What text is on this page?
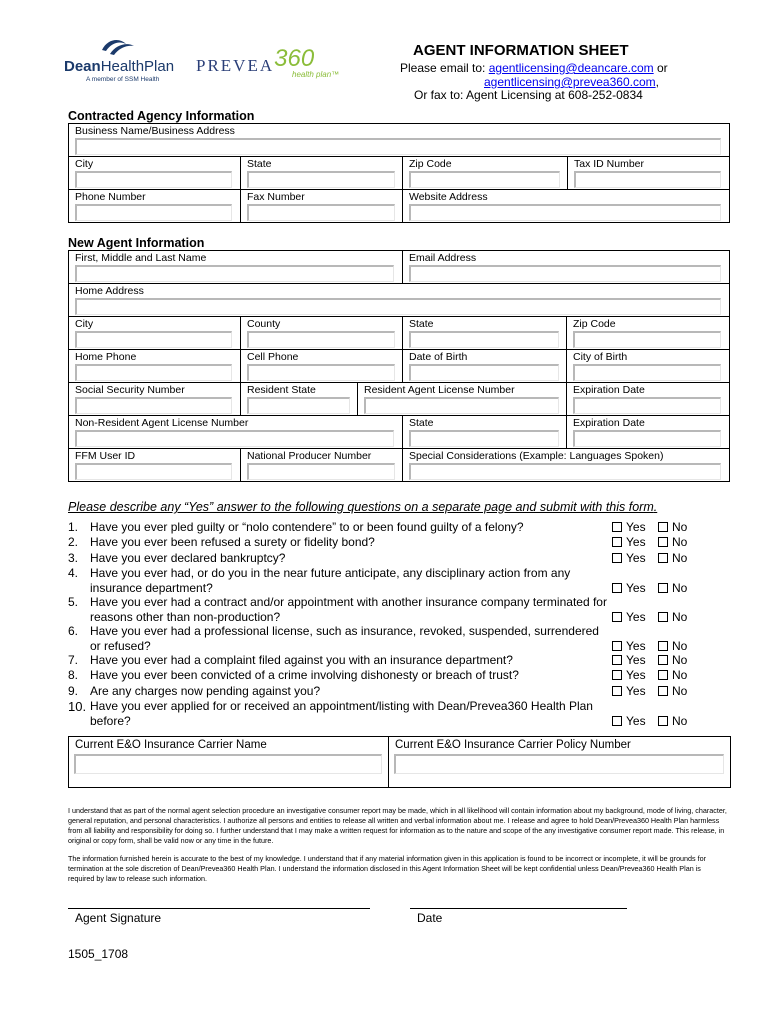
DeanHealthPlan
A member of SSM Health
PREVEA360
health plan™
AGENT INFORMATION SHEET
Please email to: agentlicensing@deancare.com or
agentlicensing@prevea360.com,
Or fax to: Agent Licensing at 608-252-0834
Contracted Agency Information
Business Name/Business Address
City	State	Zip Code	Tax ID Number
Phone Number	Fax Number	Website Address
New Agent Information
First, Middle and Last Name	Email Address
Home Address
City	County	State	Zip Code
Home Phone	Cell Phone	Date of Birth	City of Birth
Social Security Number	Resident State	Resident Agent License Number	Expiration Date
Non-Resident Agent License Number	State	Expiration Date
FFM User ID	National Producer Number	Special Considerations (Example: Languages Spoken)
Please describe any “Yes” answer to the following questions on a separate page and submit with this form.
1. Have you ever pled guilty or “nolo contendere” to or been found guilty of a felony?	Yes No
2. Have you ever been refused a surety or fidelity bond?	Yes No
3. Have you ever declared bankruptcy?	Yes No
4. Have you ever had, or do you in the near future anticipate, any disciplinary action from any insurance department?	Yes No
5. Have you ever had a contract and/or appointment with another insurance company terminated for reasons other than non-production?	Yes No
6. Have you ever had a professional license, such as insurance, revoked, suspended, surrendered or refused?	Yes No
7. Have you ever had a complaint filed against you with an insurance department?	Yes No
8. Have you ever been convicted of a crime involving dishonesty or breach of trust?	Yes No
9. Are any charges now pending against you?	Yes No
10. Have you ever applied for or received an appointment/listing with Dean/Prevea360 Health Plan before?	Yes No
Current E&O Insurance Carrier Name	Current E&O Insurance Carrier Policy Number
I understand that as part of the normal agent selection procedure an investigative consumer report may be made, which in all likelihood will contain information about my background, mode of living, character, general reputation, and personal characteristics. I authorize all persons and entities to release all written and verbal information about me. I release and agree to hold Dean/Prevea360 Health Plan harmless from all liability and responsibility for doing so. I further understand that I may make a written request for information as to the nature and scope of the any investigative consumer report made. This release, in original or copy form, shall be valid now or any time in the future.
The information furnished herein is accurate to the best of my knowledge. I understand that if any material information given in this application is found to be incorrect or incomplete, it will be grounds for termination at the sole discretion of Dean/Prevea360 Health Plan. I understand the information disclosed in this Agent Information Sheet will be kept confidential unless Dean/Prevea360 Health Plan is required by law to release such information.
Agent Signature	Date
1505_1708
